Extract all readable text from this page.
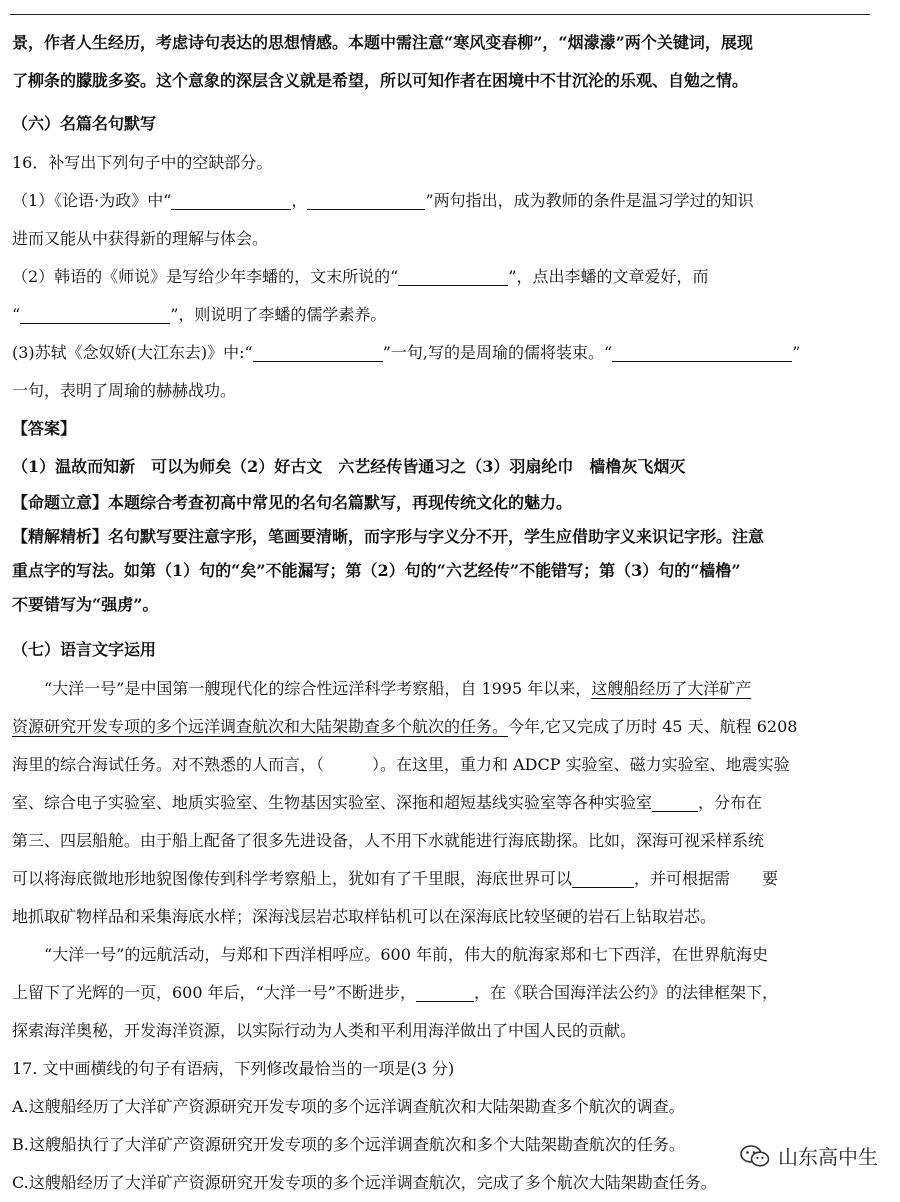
景，作者人生经历，考虑诗句表达的思想情感。本题中需注意“寒风变春柳”，“烟濛濛”两个关键词，展现

了柳条的朦胧多姿。这个意象的深层含义就是希望，所以可知作者在困境中不甘沉沦的乐观、自勉之情。

（六）名篇名句默写

16．补写出下列句子中的空缺部分。

（1）《论语·为政》中“	，	”两句指出，成为教师的条件是温习学过的知识

进而又能从中获得新的理解与体会。

（2）韩语的《师说》是写给少年李蟠的，文末所说的“	”，点出李蟠的文章爱好，而

“	”，则说明了李蟠的儒学素养。

(3)苏轼《念奴娇(大江东去)》中:“	”一句,写的是周瑜的儒将装束。“	”

一句，表明了周瑜的赫赫战功。

【答案】

（1）温故而知新　可以为师矣（2）好古文　六艺经传皆通习之（3）羽扇纶巾　樯橹灰飞烟灭

【命题立意】本题综合考查初高中常见的名句名篇默写，再现传统文化的魅力。

【精解精析】名句默写要注意字形，笔画要清晰，而字形与字义分不开，学生应借助字义来识记字形。注意

重点字的写法。如第（1）句的“矣”不能漏写；第（2）句的“六艺经传”不能错写；第（3）句的“樯橹”

不要错写为“强虏”。

（七）语言文字运用

“大洋一号”是中国第一艘现代化的综合性远洋科学考察船，自 1995 年以来，这艘船经历了大洋矿产

资源研究开发专项的多个远洋调查航次和大陆架勘查多个航次的任务。今年,它又完成了历时 45 天、航程 6208

海里的综合海试任务。对不熟悉的人而言，（　　　）。在这里，重力和 ADCP 实验室、磁力实验室、地震实验

室、综合电子实验室、地质实验室、生物基因实验室、深拖和超短基线实验室等各种实验室	，分布在

第三、四层船舱。由于船上配备了很多先进设备，人不用下水就能进行海底勘探。比如，深海可视采样系统

可以将海底微地形地貌图像传到科学考察船上，犹如有了千里眼，海底世界可以	，并可根据需　　要

地抓取矿物样品和采集海底水样；深海浅层岩芯取样钻机可以在深海底比较坚硬的岩石上钻取岩芯。

“大洋一号”的远航活动，与郑和下西洋相呼应。600 年前，伟大的航海家郑和七下西洋，在世界航海史

上留下了光辉的一页，600 年后，“大洋一号”不断进步，	，在《联合国海洋法公约》的法律框架下，

探索海洋奥秘，开发海洋资源，以实际行动为人类和平利用海洋做出了中国人民的贡献。

17. 文中画横线的句子有语病，下列修改最恰当的一项是(3 分)

A.这艘船经历了大洋矿产资源研究开发专项的多个远洋调查航次和大陆架勘查多个航次的调查。

B.这艘船执行了大洋矿产资源研究开发专项的多个远洋调查航次和多个大陆架勘查航次的任务。

C.这艘船经历了大洋矿产资源研究开发专项的多个远洋调查航次，完成了多个航次大陆架勘查任务。

山东高中生
